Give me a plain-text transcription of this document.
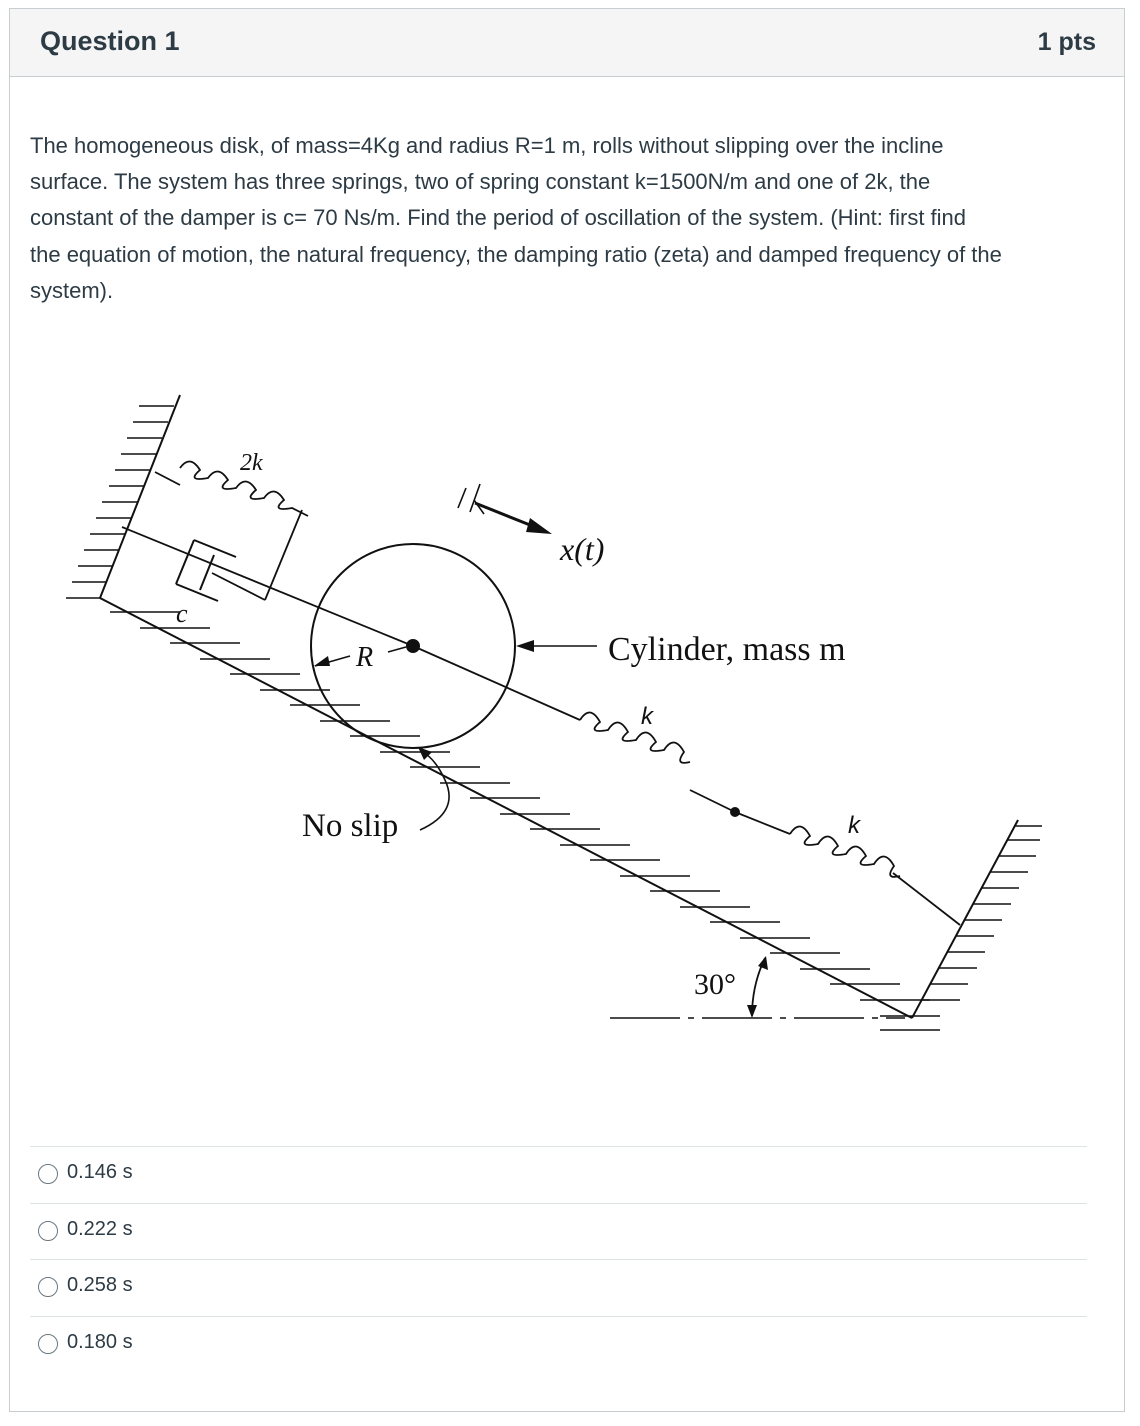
Question 1	1 pts
The homogeneous disk, of mass=4Kg and radius R=1 m, rolls without slipping over the incline
surface. The system has three springs, two of spring constant k=1500N/m and one of 2k, the
constant of the damper is c= 70 Ns/m. Find the period of oscillation of the system. (Hint: first find
the equation of motion, the natural frequency, the damping ratio (zeta) and damped frequency of the
system).
2k
c
R
x(t)
Cylinder, mass m
k
k
No slip
30°
0.146 s
0.222 s
0.258 s
0.180 s
